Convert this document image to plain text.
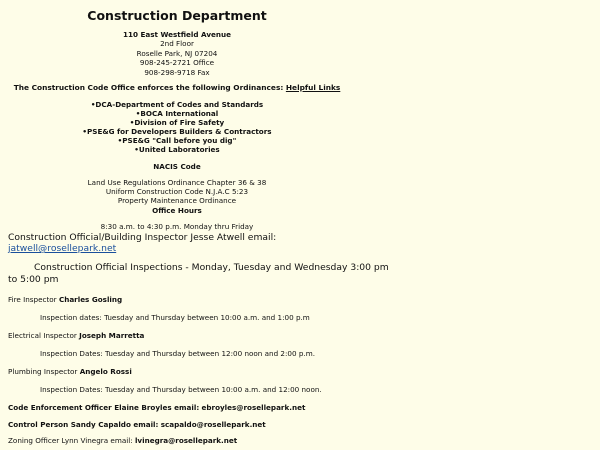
Construction Department
110 East Westfield Avenue
2nd Floor
Roselle Park, NJ 07204
908-245-2721 Office
908-298-9718 Fax
The Construction Code Office enforces the following Ordinances: Helpful Links
•DCA-Department of Codes and Standards
•BOCA International
•Division of Fire Safety
•PSE&G for Developers Builders & Contractors
•PSE&G "Call before you dig"
•United Laboratories
NACIS Code
Land Use Regulations Ordinance Chapter 36 & 38
Uniform Construction Code N.J.A.C 5:23
Property Maintenance Ordinance
Office Hours
8:30 a.m. to 4:30 p.m. Monday thru Friday
Construction Official/Building Inspector Jesse Atwell email:
jatwell@rosellepark.net
Construction Official Inspections - Monday, Tuesday and Wednesday 3:00 pm
to 5:00 pm
Fire Inspector Charles Gosling
Inspection dates: Tuesday and Thursday between 10:00 a.m. and 1:00 p.m
Electrical Inspector Joseph Marretta
Inspection Dates: Tuesday and Thursday between 12:00 noon and 2:00 p.m.
Plumbing Inspector Angelo Rossi
Inspection Dates: Tuesday and Thursday between 10:00 a.m. and 12:00 noon.
Code Enforcement Officer Elaine Broyles email: ebroyles@rosellepark.net
Control Person Sandy Capaldo email: scapaldo@rosellepark.net
Zoning Officer Lynn Vinegra email: lvinegra@rosellepark.net
